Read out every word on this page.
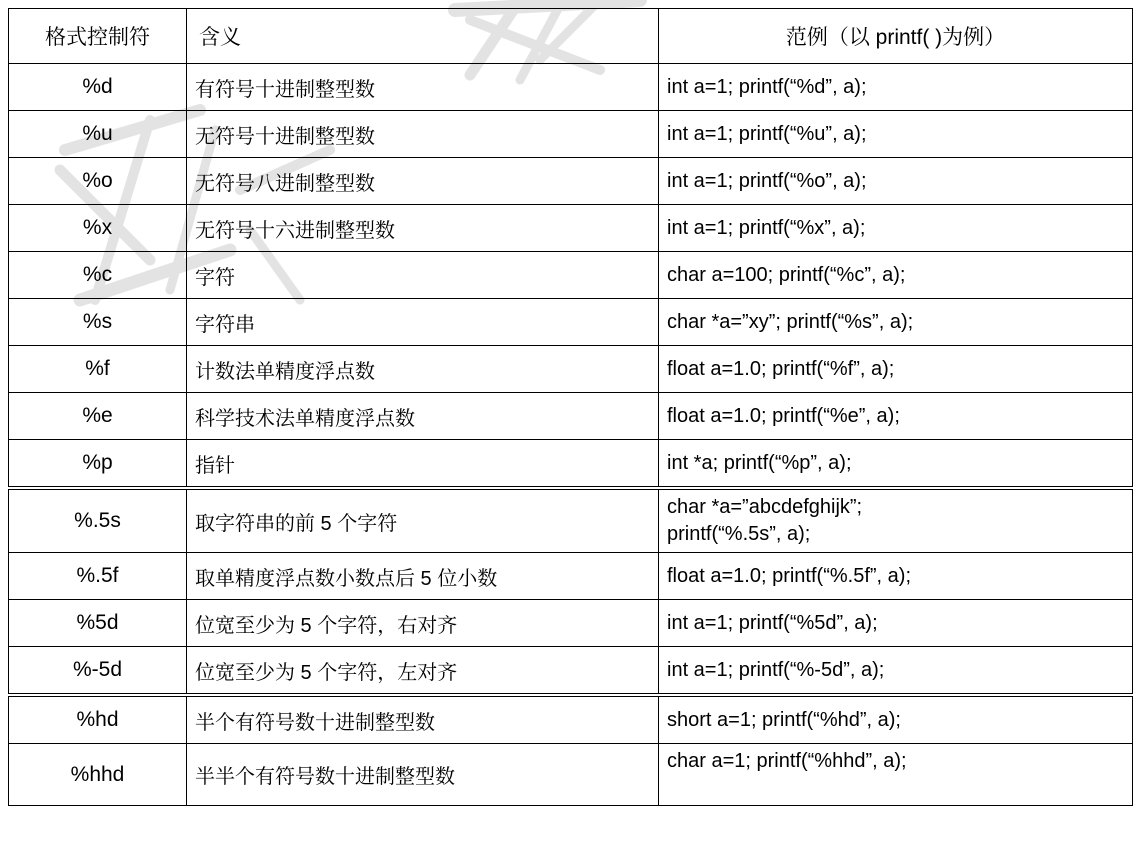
格式控制符	含义	范例（以 printf( )为例）
%d	有符号十进制整型数	int a=1; printf(“%d”, a);
%u	无符号十进制整型数	int a=1; printf(“%u”, a);
%o	无符号八进制整型数	int a=1; printf(“%o”, a);
%x	无符号十六进制整型数	int a=1; printf(“%x”, a);
%c	字符	char a=100; printf(“%c”, a);
%s	字符串	char *a=”xy”; printf(“%s”, a);
%f	计数法单精度浮点数	float a=1.0; printf(“%f”, a);
%e	科学技术法单精度浮点数	float a=1.0; printf(“%e”, a);
%p	指针	int *a; printf(“%p”, a);
%.5s	取字符串的前 5 个字符	char *a=”abcdefghijk”;
printf(“%.5s”, a);

%.5f	取单精度浮点数小数点后 5 位小数	float a=1.0; printf(“%.5f”, a);
%5d	位宽至少为 5 个字符，右对齐	int a=1; printf(“%5d”, a);
%-5d	位宽至少为 5 个字符，左对齐	int a=1; printf(“%-5d”, a);
%hd	半个有符号数十进制整型数	short a=1; printf(“%hd”, a);
%hhd	半半个有符号数十进制整型数	char a=1; printf(“%hhd”, a);
